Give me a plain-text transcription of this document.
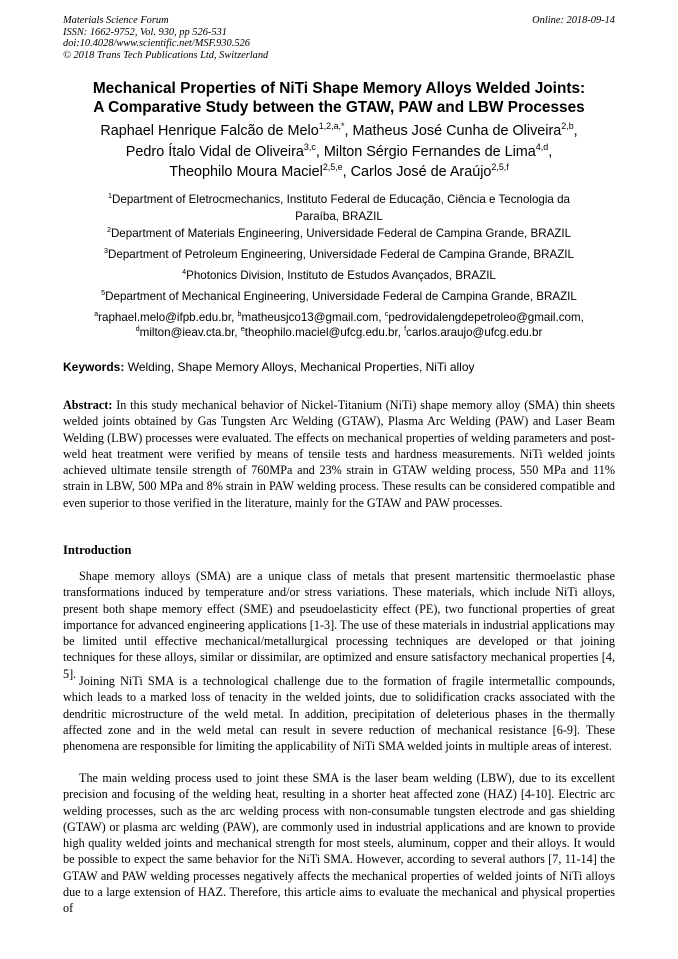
Materials Science Forum
ISSN: 1662-9752, Vol. 930, pp 526-531
doi:10.4028/www.scientific.net/MSF.930.526
© 2018 Trans Tech Publications Ltd, Switzerland
Online: 2018-09-14
Mechanical Properties of NiTi Shape Memory Alloys Welded Joints:
A Comparative Study between the GTAW, PAW and LBW Processes
Raphael Henrique Falcão de Melo$^{1,2,a,*}$, Matheus José Cunha de Oliveira$^{2,b}$,
Pedro Ítalo Vidal de Oliveira$^{3,c}$, Milton Sérgio Fernandes de Lima$^{4,d}$,
Theophilo Moura Maciel$^{2,5,e}$, Carlos José de Araújo$^{2,5,f}$
$^1$Department of Eletrocmechanics, Instituto Federal de Educação, Ciência e Tecnologia da
Paraíba, BRAZIL
$^2$Department of Materials Engineering, Universidade Federal de Campina Grande, BRAZIL
$^3$Department of Petroleum Engineering, Universidade Federal de Campina Grande, BRAZIL
$^4$Photonics Division, Instituto de Estudos Avançados, BRAZIL
$^5$Department of Mechanical Engineering, Universidade Federal de Campina Grande, BRAZIL
$^a$raphael.melo@ifpb.edu.br, $^b$matheusjco13@gmail.com, $^c$pedrovidalengdepetroleo@gmail.com,
$^d$milton@ieav.cta.br, $^e$theophilo.maciel@ufcg.edu.br, $^f$carlos.araujo@ufcg.edu.br
Keywords: Welding, Shape Memory Alloys, Mechanical Properties, NiTi alloy
Abstract: In this study mechanical behavior of Nickel-Titanium (NiTi) shape memory alloy (SMA) thin sheets welded joints obtained by Gas Tungsten Arc Welding (GTAW), Plasma Arc Welding (PAW) and Laser Beam Welding (LBW) processes were evaluated. The effects on mechanical properties of welding parameters and post-weld heat treatment were verified by means of tensile tests and hardness measurements. NiTi welded joints achieved ultimate tensile strength of 760MPa and 23% strain in GTAW welding process, 550 MPa and 11% strain in LBW, 500 MPa and 8% strain in PAW welding process. These results can be considered compatible and even superior to those verified in the literature, mainly for the GTAW and PAW processes.
Introduction
Shape memory alloys (SMA) are a unique class of metals that present martensitic thermoelastic phase transformations induced by temperature and/or stress variations. These materials, which include NiTi alloys, present both shape memory effect (SME) and pseudoelasticity effect (PE), two functional properties of great importance for advanced engineering applications [1-3]. The use of these materials in industrial applications may be limited until effective mechanical/metallurgical processing techniques are developed or that joining techniques for these alloys, similar or dissimilar, are optimized and ensure satisfactory mechanical properties [4, 5].
Joining NiTi SMA is a technological challenge due to the formation of fragile intermetallic compounds, which leads to a marked loss of tenacity in the welded joints, due to solidification cracks associated with the dendritic microstructure of the weld metal. In addition, precipitation of deleterious phases in the thermally affected zone and in the weld metal can result in severe reduction of mechanical resistance [6-9]. These phenomena are responsible for limiting the applicability of NiTi SMA welded joints in multiple areas of interest.
The main welding process used to joint these SMA is the laser beam welding (LBW), due to its excellent precision and focusing of the welding heat, resulting in a shorter heat affected zone (HAZ) [4-10]. Electric arc welding processes, such as the arc welding process with non-consumable tungsten electrode and gas shielding (GTAW) or plasma arc welding (PAW), are commonly used in industrial applications and are known to provide high quality welded joints and mechanical strength for most steels, aluminum, copper and their alloys. It would be possible to expect the same behavior for the NiTi SMA. However, according to several authors [7, 11-14] the GTAW and PAW welding processes negatively affects the mechanical properties of welded joints of NiTi alloys due to a large extension of HAZ. Therefore, this article aims to evaluate the mechanical and physical properties of
